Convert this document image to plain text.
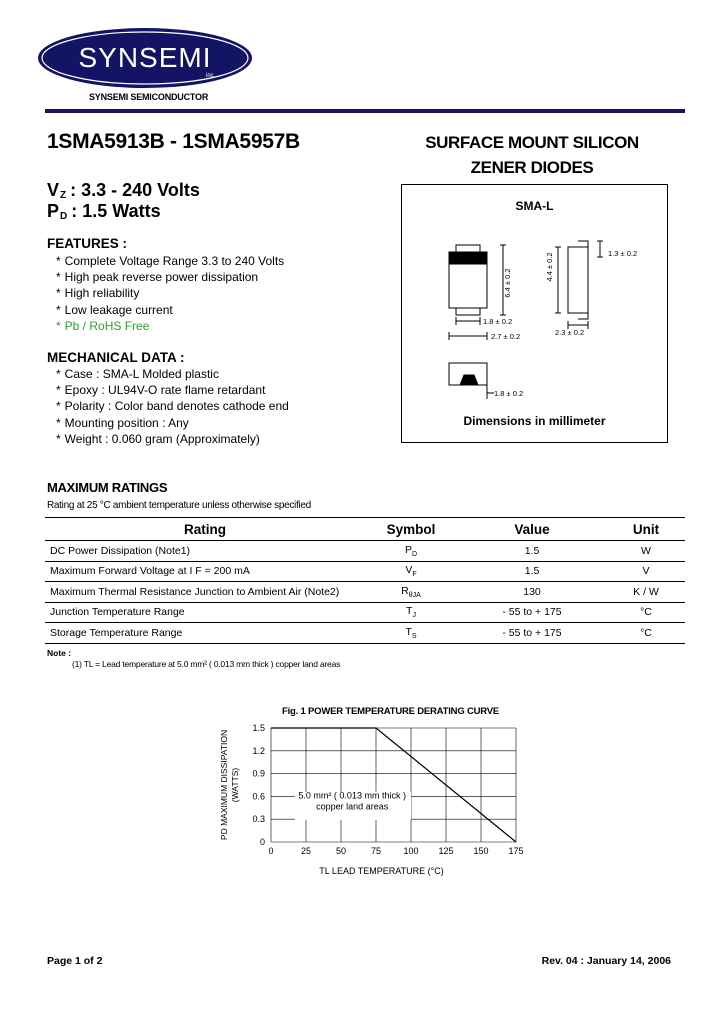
SYNSEMI
inc
SYNSEMI SEMICONDUCTOR
1SMA5913B - 1SMA5957B	SURFACE MOUNT SILICON
ZENER DIODES
$V_Z$ : 3.3 - 240 Volts
$P_D$ : 1.5 Watts
FEATURES :
* Complete Voltage Range 3.3 to 240 Volts
* High peak reverse power dissipation
* High reliability
* Low leakage current
* Pb / RoHS Free
MECHANICAL DATA :
* Case : SMA-L Molded plastic
* Epoxy : UL94V-O rate flame retardant
* Polarity : Color band denotes cathode end
* Mounting position : Any
* Weight : 0.060 gram (Approximately)
SMA-L
6.4 ± 0.2
4.4 ± 0.2	1.3 ± 0.2
1.8 ± 0.2
2.3 ± 0.2
2.7 ± 0.2
1.8 ± 0.2
Dimensions in millimeter
MAXIMUM RATINGS
Rating at 25 °C ambient temperature unless otherwise specified
Rating	Symbol	Value	Unit
DC Power Dissipation (Note1)	$P_D$	1.5	W
Maximum Forward Voltage at I F = 200 mA	$V_F$	1.5	V
Maximum Thermal Resistance Junction to Ambient Air (Note2)	$R_{\theta JA}$	130	K / W
Junction Temperature Range	$T_J$	- 55 to + 175	°C
Storage Temperature Range	$T_S$	- 55 to + 175	°C
Note :
(1) TL = Lead temperature at 5.0 mm² ( 0.013 mm thick ) copper land areas
Fig. 1 POWER TEMPERATURE DERATING CURVE
0	25	50	75 100 125 150 175
0
0.3
0.6
0.9
1.2
1.5
5.0 mm² ( 0.013 mm thick )
copper land areas
TL LEAD TEMPERATURE (°C)
PD MAXIMUM DISSIPATION (WATTS)
Page 1 of 2	Rev. 04 : January 14, 2006
